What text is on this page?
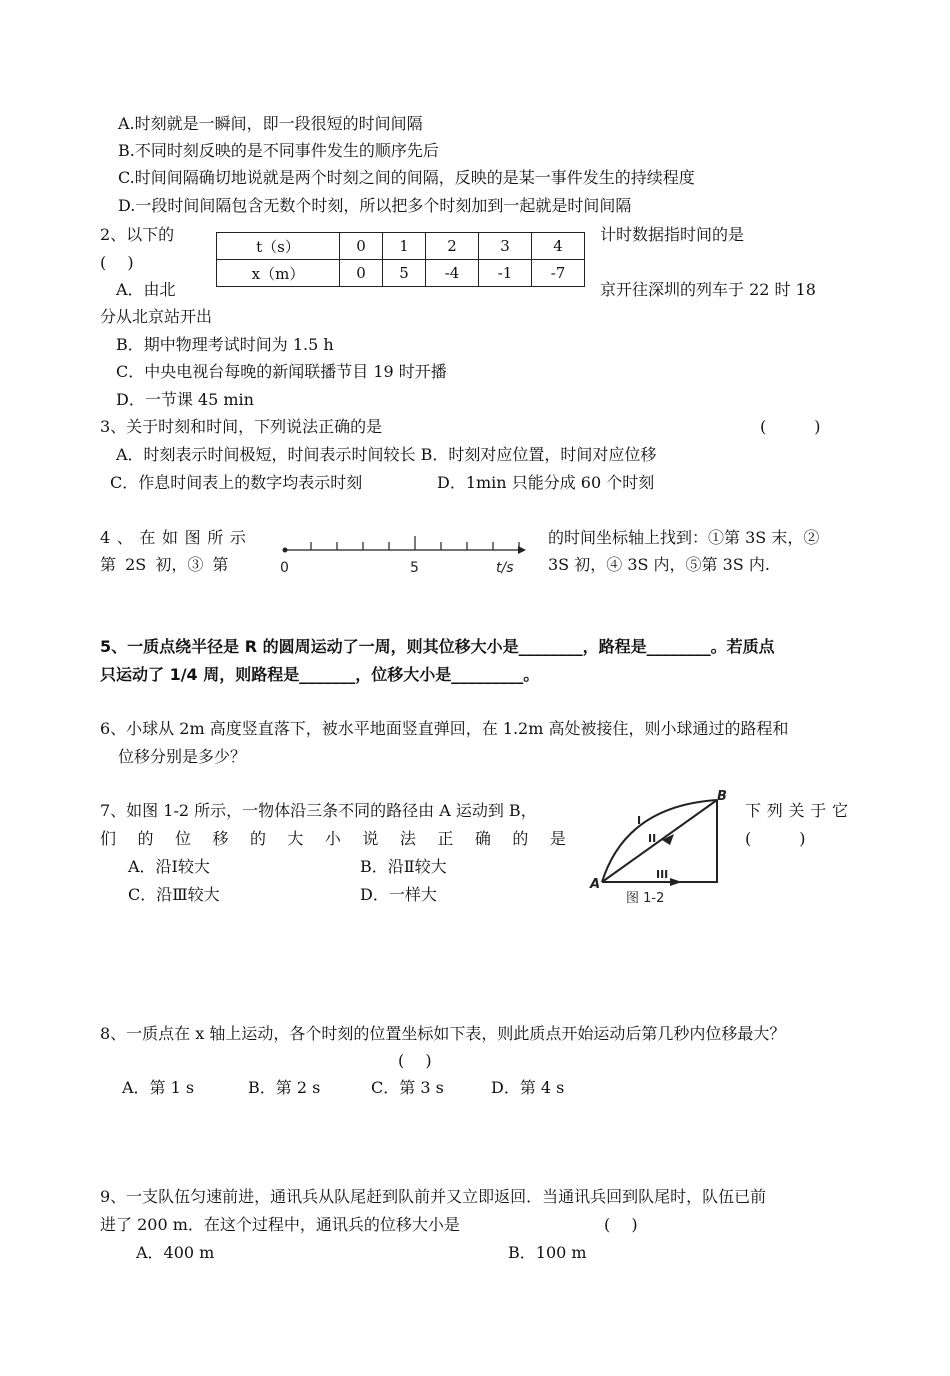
A.时刻就是一瞬间，即一段很短的时间间隔
B.不同时刻反映的是不同事件发生的顺序先后
C.时间间隔确切地说就是两个时刻之间的间隔，反映的是某一事件发生的持续程度
D.一段时间间隔包含无数个时刻，所以把多个时刻加到一起就是时间间隔
2、以下的	计时数据指时间的是
(　 )
A．由北	京开往深圳的列车于 22 时 18
分从北京站开出
B．期中物理考试时间为 1.5 h
C．中央电视台每晚的新闻联播节目 19 时开播
D．一节课 45 min
t（s）	0	1	2	3	4
x（m）	0	5	-4	-1	-7
3、关于时刻和时间，下列说法正确的是	(　　　)
A．时刻表示时间极短，时间表示时间较长 B．时刻对应位置，时间对应位移
C．作息时间表上的数字均表示时刻	D．1min 只能分成 60 个时刻
4 、 在 如 图 所 示
第 2S 初，③ 第
的时间坐标轴上找到：①第 3S 末，②
3S 初，④ 3S 内，⑤第 3S 内.
0	5	t/s
5、一质点绕半径是 R 的圆周运动了一周，则其位移大小是________，路程是________。若质点
只运动了 1/4 周，则路程是_______，位移大小是_________。
6、小球从 2m 高度竖直落下，被水平地面竖直弹回，在 1.2m 高处被接住，则小球通过的路程和
位移分别是多少？
7、如图 1-2 所示，一物体沿三条不同的路径由 A 运动到 B，
们 的 位 移 的 大 小 说 法 正 确 的 是
下 列 关 于 它
(　　　)
A．沿Ⅰ较大	B．沿Ⅱ较大
C．沿Ⅲ较大	D．一样大
A
B
I
II
III
图 1-2
8、一质点在 x 轴上运动，各个时刻的位置坐标如下表，则此质点开始运动后第几秒内位移最大？
(　 )
A．第 1 s	B．第 2 s	C．第 3 s	D．第 4 s
9、一支队伍匀速前进，通讯兵从队尾赶到队前并又立即返回．当通讯兵回到队尾时，队伍已前
进了 200 m．在这个过程中，通讯兵的位移大小是	(　 )
A．400 m	B．100 m
